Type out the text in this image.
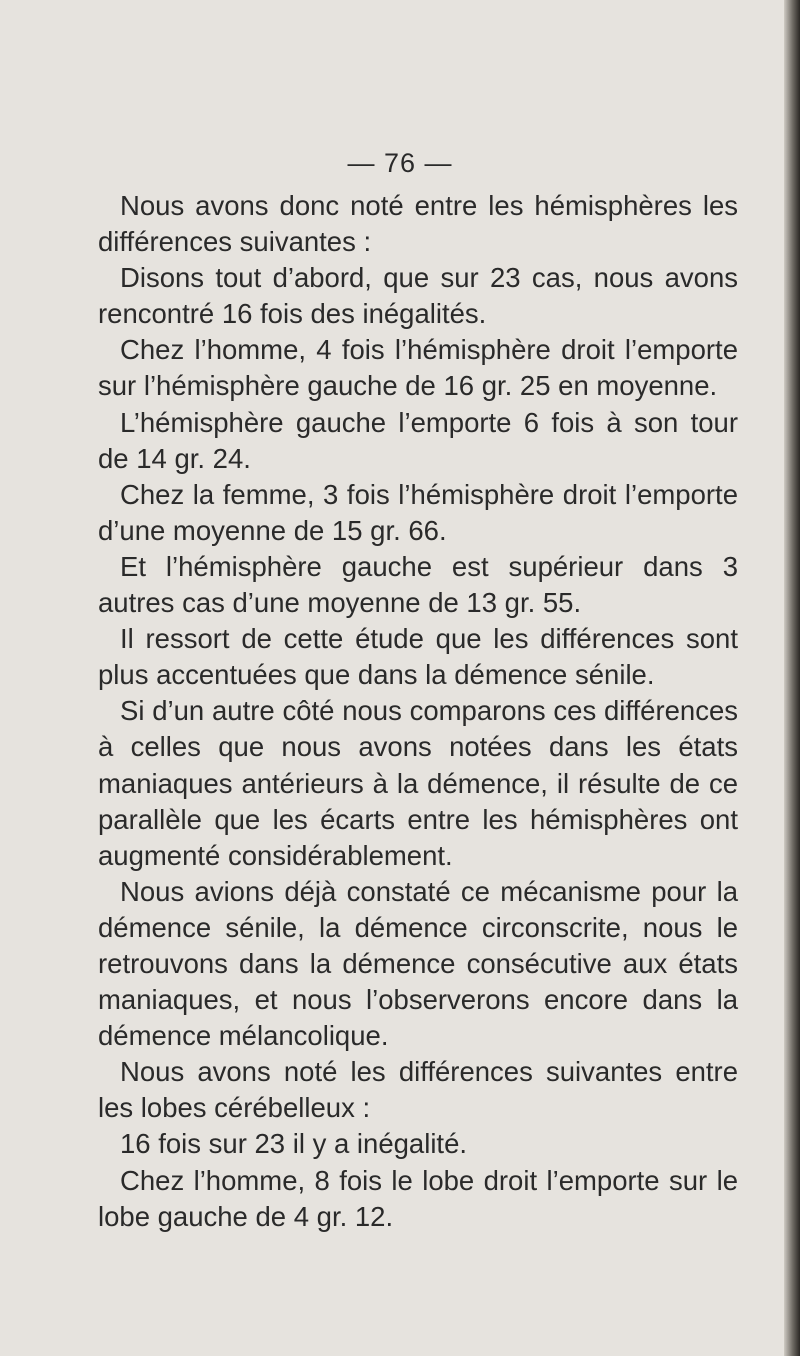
— 76 —

Nous avons donc noté entre les hémisphères les différences suivantes :

Disons tout d’abord, que sur 23 cas, nous avons rencontré 16 fois des inégalités.

Chez l’homme, 4 fois l’hémisphère droit l’emporte sur l’hémisphère gauche de 16 gr. 25 en moyenne.

L’hémisphère gauche l’emporte 6 fois à son tour de 14 gr. 24.

Chez la femme, 3 fois l’hémisphère droit l’emporte d’une moyenne de 15 gr. 66.

Et l’hémisphère gauche est supérieur dans 3 autres cas d’une moyenne de 13 gr. 55.

Il ressort de cette étude que les différences sont plus accentuées que dans la démence sénile.

Si d’un autre côté nous comparons ces différences à celles que nous avons notées dans les états maniaques antérieurs à la démence, il résulte de ce parallèle que les écarts entre les hémisphères ont augmenté considérablement.

Nous avions déjà constaté ce mécanisme pour la démence sénile, la démence circonscrite, nous le retrouvons dans la démence consécutive aux états maniaques, et nous l’observerons encore dans la démence mélancolique.

Nous avons noté les différences suivantes entre les lobes cérébelleux :

16 fois sur 23 il y a inégalité.

Chez l’homme, 8 fois le lobe droit l’emporte sur le lobe gauche de 4 gr. 12.
